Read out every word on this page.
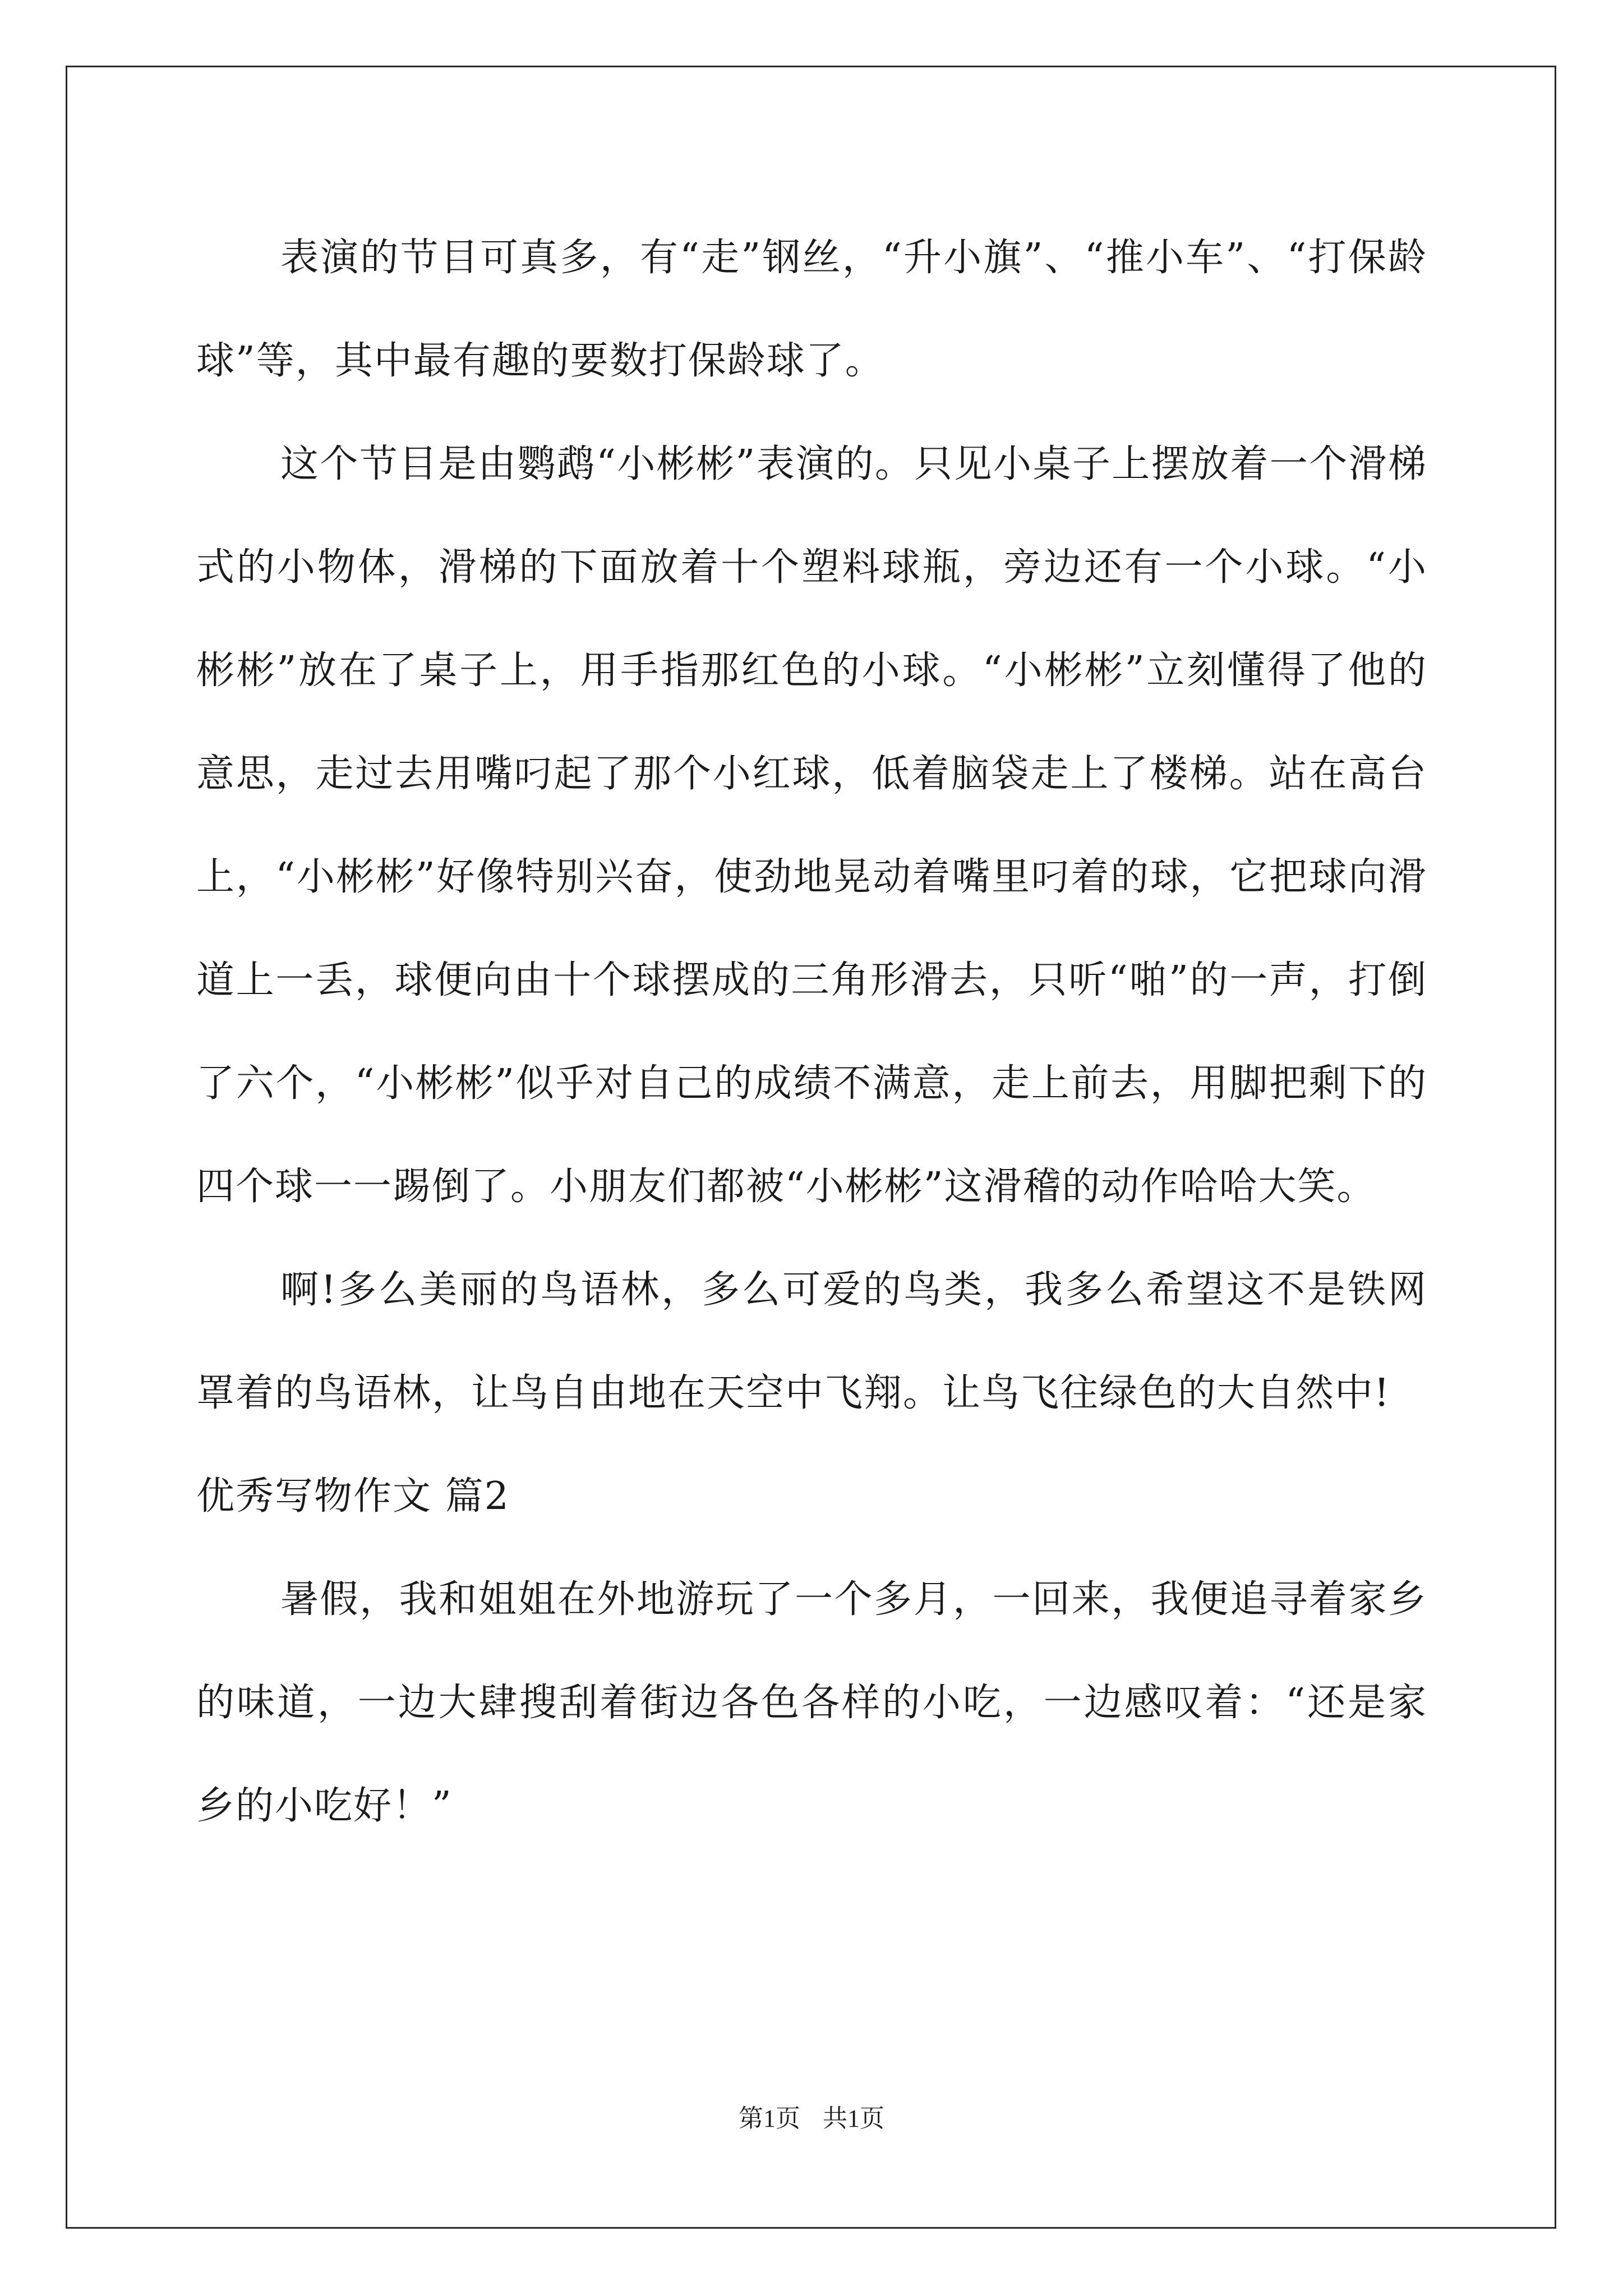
表演的节目可真多，有“走”钢丝，“升小旗”、“推小车”、“打保龄球”等，其中最有趣的要数打保龄球了。

这个节目是由鹦鹉“小彬彬”表演的。只见小桌子上摆放着一个滑梯式的小物体，滑梯的下面放着十个塑料球瓶，旁边还有一个小球。“小彬彬”放在了桌子上，用手指那红色的小球。“小彬彬”立刻懂得了他的意思，走过去用嘴叼起了那个小红球，低着脑袋走上了楼梯。站在高台上，“小彬彬”好像特别兴奋，使劲地晃动着嘴里叼着的球，它把球向滑道上一丢，球便向由十个球摆成的三角形滑去，只听“啪”的一声，打倒了六个，“小彬彬”似乎对自己的成绩不满意，走上前去，用脚把剩下的四个球一一踢倒了。小朋友们都被“小彬彬”这滑稽的动作哈哈大笑。

啊!多么美丽的鸟语林，多么可爱的鸟类，我多么希望这不是铁网罩着的鸟语林，让鸟自由地在天空中飞翔。让鸟飞往绿色的大自然中!

优秀写物作文 篇2

暑假，我和姐姐在外地游玩了一个多月，一回来，我便追寻着家乡的味道，一边大肆搜刮着街边各色各样的小吃，一边感叹着：“还是家乡的小吃好！”

第1页 共1页
